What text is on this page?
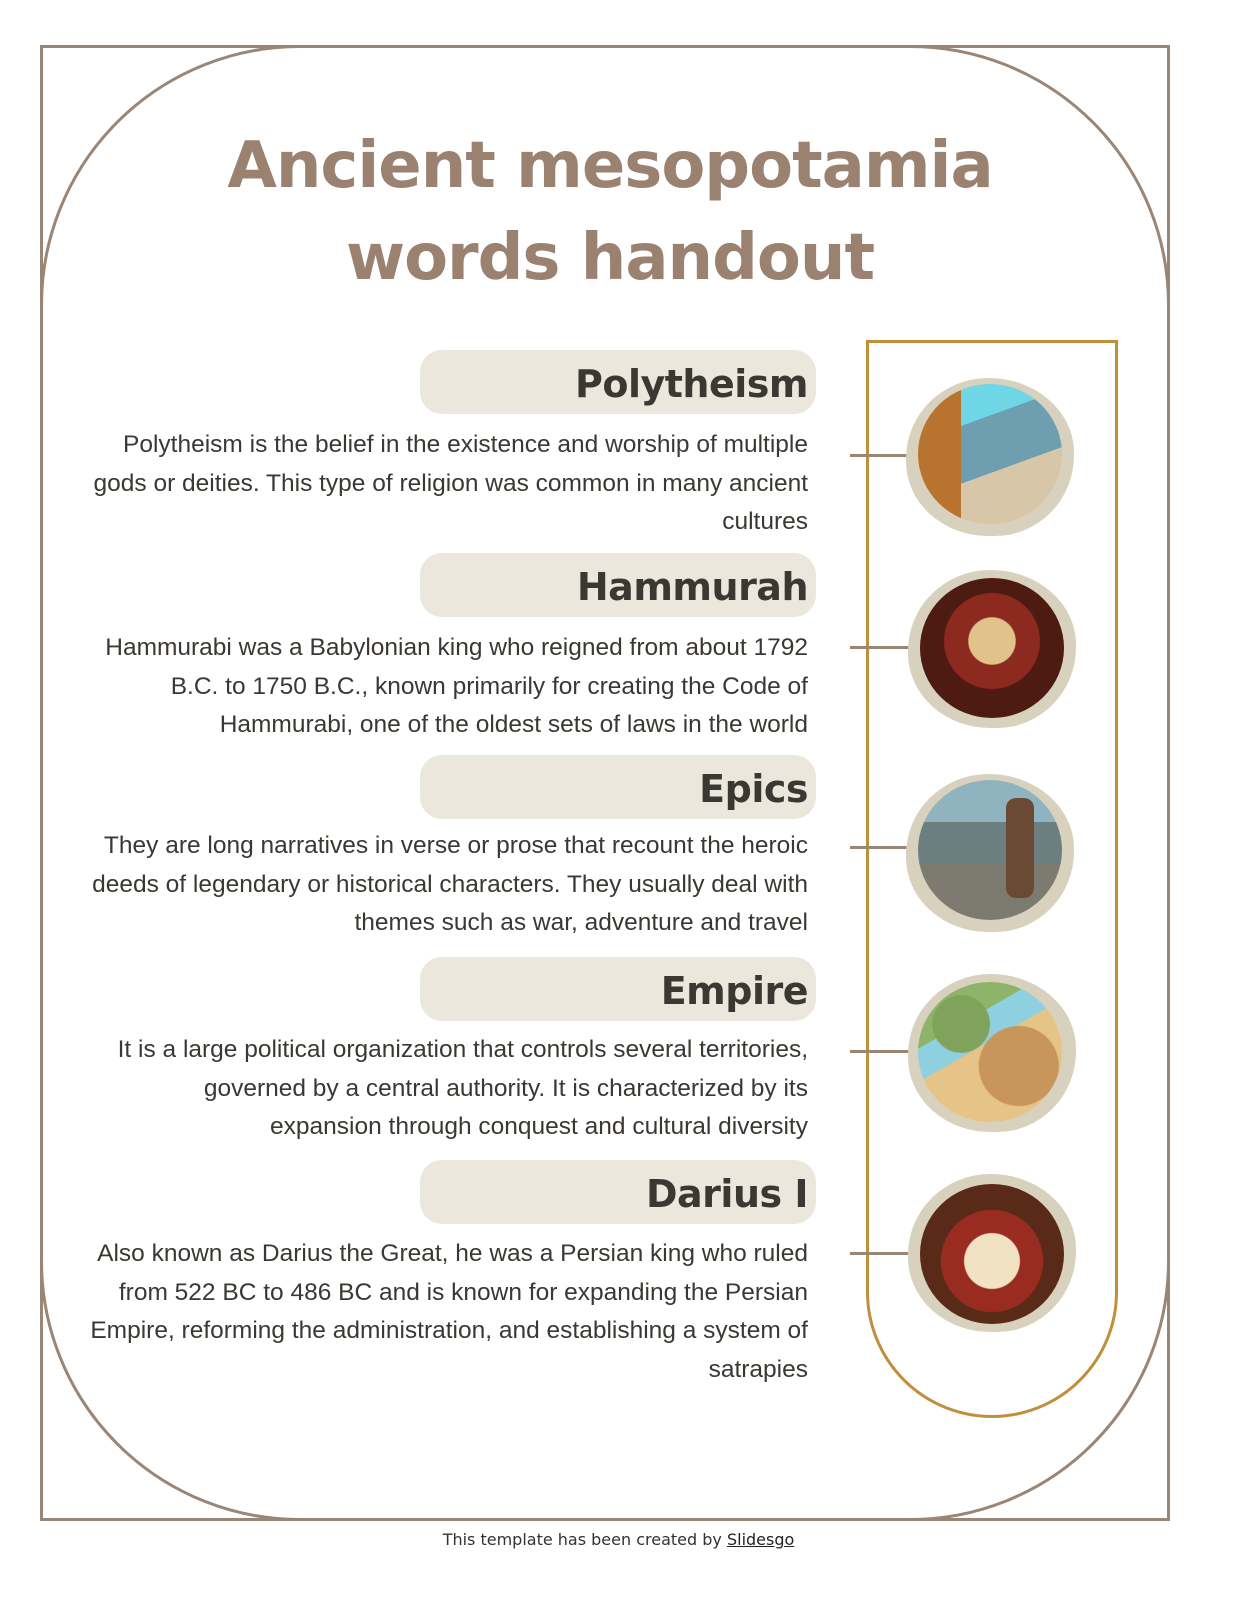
Ancient mesopotamia
words handout
Polytheism
Polytheism is the belief in the existence and worship of multiple gods or deities. This type of religion was common in many ancient cultures
Hammurah
Hammurabi was a Babylonian king who reigned from about 1792 B.C. to 1750 B.C., known primarily for creating the Code of Hammurabi, one of the oldest sets of laws in the world
Epics
They are long narratives in verse or prose that recount the heroic deeds of legendary or historical characters. They usually deal with themes such as war, adventure and travel
Empire
It is a large political organization that controls several territories, governed by a central authority. It is characterized by its expansion through conquest and cultural diversity
Darius I
Also known as Darius the Great, he was a Persian king who ruled from 522 BC to 486 BC and is known for expanding the Persian Empire, reforming the administration, and establishing a system of satrapies
This template has been created by Slidesgo
